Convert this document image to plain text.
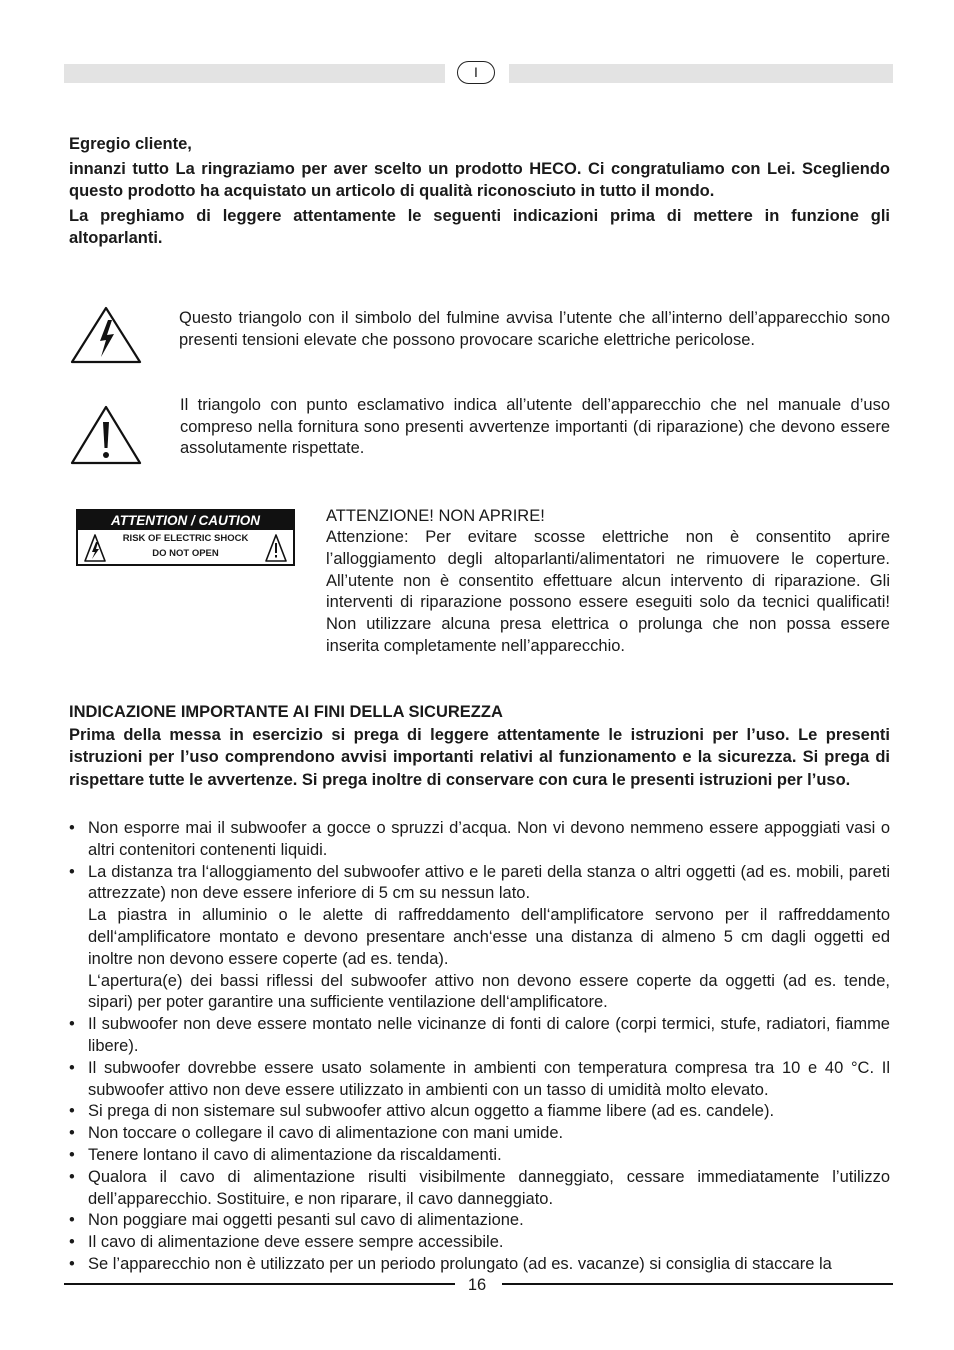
I
Egregio cliente,
innanzi tutto La ringraziamo per aver scelto un prodotto HECO. Ci congratuliamo con Lei. Scegliendo questo prodotto ha acquistato un articolo di qualità riconosciuto in tutto il mondo.
La preghiamo di leggere attentamente le seguenti indicazioni prima di mettere in funzione gli altoparlanti.
Questo triangolo con il simbolo del fulmine avvisa l’utente che all’interno dell’apparecchio sono presenti tensioni elevate che possono provocare scariche elettriche pericolose.
Il triangolo con punto esclamativo indica all’utente dell’apparecchio che nel manuale d’uso compreso nella fornitura sono presenti avvertenze importanti (di riparazione) che devono essere assolutamente rispettate.
ATTENTION / CAUTION
RISK OF ELECTRIC SHOCK
DO NOT OPEN
ATTENZIONE! NON APRIRE!
Attenzione: Per evitare scosse elettriche non è consentito aprire l’alloggiamento degli altoparlanti/alimentatori ne rimuovere le coperture. All’utente non è consentito effettuare alcun intervento di riparazione. Gli interventi di riparazione possono essere eseguiti solo da tecnici qualificati! Non utilizzare alcuna presa elettrica o prolunga che non possa essere inserita completamente nell’apparecchio.
INDICAZIONE IMPORTANTE AI FINI DELLA SICUREZZA
Prima della messa in esercizio si prega di leggere attentamente le istruzioni per l’uso. Le presenti istruzioni per l’uso comprendono avvisi importanti relativi al funzionamento e la sicurezza. Si prega di rispettare tutte le avvertenze. Si prega inoltre di conservare con cura le presenti istruzioni per l’uso.
• Non esporre mai il subwoofer a gocce o spruzzi d’acqua. Non vi devono nemmeno essere appoggiati vasi o altri contenitori contenenti liquidi.
• La distanza tra l‘alloggiamento del subwoofer attivo e le pareti della stanza o altri oggetti (ad es. mobili, pareti attrezzate) non deve essere inferiore di 5 cm su nessun lato.
La piastra in alluminio o le alette di raffreddamento dell‘amplificatore servono per il raffreddamento dell‘amplificatore montato e devono presentare anch‘esse una distanza di almeno 5 cm dagli oggetti ed inoltre non devono essere coperte (ad es. tenda).
L‘apertura(e) dei bassi riflessi del subwoofer attivo non devono essere coperte da oggetti (ad es. tende, sipari) per poter garantire una sufficiente ventilazione dell‘amplificatore.
• Il subwoofer non deve essere montato nelle vicinanze di fonti di calore (corpi termici, stufe, radiatori, fiamme libere).
• Il subwoofer dovrebbe essere usato solamente in ambienti con temperatura compresa tra 10 e 40 °C. Il subwoofer attivo non deve essere utilizzato in ambienti con un tasso di umidità molto elevato.
• Si prega di non sistemare sul subwoofer attivo alcun oggetto a fiamme libere (ad es. candele).
• Non toccare o collegare il cavo di alimentazione con mani umide.
• Tenere lontano il cavo di alimentazione da riscaldamenti.
• Qualora il cavo di alimentazione risulti visibilmente danneggiato, cessare immediatamente l’utilizzo dell’apparecchio. Sostituire, e non riparare, il cavo danneggiato.
• Non poggiare mai oggetti pesanti sul cavo di alimentazione.
• Il cavo di alimentazione deve essere sempre accessibile.
• Se l’apparecchio non è utilizzato per un periodo prolungato (ad es. vacanze) si consiglia di staccare la
16
